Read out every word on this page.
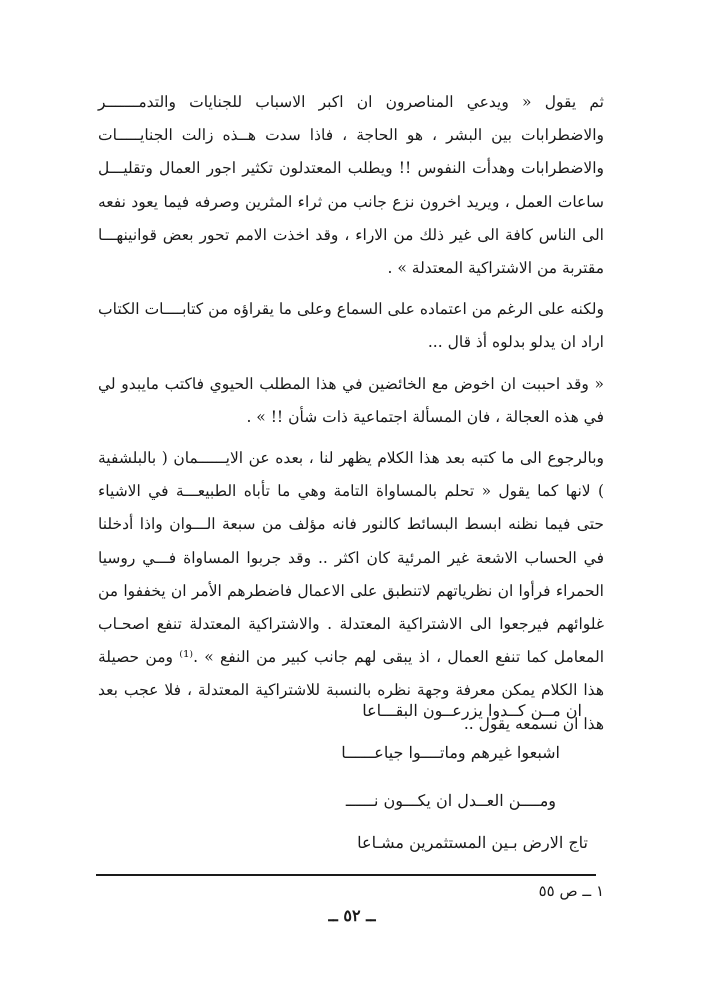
ثم يقول « ويدعي المناصرون ان اكبر الاسباب للجنايات والتدمـــــــر والاضطرابات بين البشر ، هو الحاجة ، فاذا سدت هــذه زالت الجنايـــــات والاضطرابات وهدأت النفوس !! ويطلب المعتدلون تكثير اجور العمال وتقليـــل ساعات العمل ، ويريد اخرون نزع جانب من ثراء المثرين وصرفه فيما يعود نفعه الى الناس كافة الى غير ذلك من الاراء ، وقد اخذت الامم تحور بعض قوانينهـــا مقتربة من الاشتراكية المعتدلة » .

ولكنه على الرغم من اعتماده على السماع وعلى ما يقراؤه من كتابــــات الكتاب اراد ان يدلو بدلوه أذ قال ...

« وقد احببت ان اخوض مع الخائضين في هذا المطلب الحيوي فاكتب مايبدو لي في هذه العجالة ، فان المسألة اجتماعية ذات شأن !! » .

وبالرجوع الى ما كتبه بعد هذا الكلام يظهر لنا ، بعده عن الايــــــمان ( بالبلشفية ) لانها كما يقول « تحلم بالمساواة التامة وهي ما تأباه الطبيعـــة في الاشياء حتى فيما نظنه ابسط البسائط كالنور فانه مؤلف من سبعة الـــوان واذا أدخلنا في الحساب الاشعة غير المرئية كان اكثر .. وقد جربوا المساواة فـــي روسيا الحمراء فرأوا ان نظرياتهم لاتنطبق على الاعمال فاضطرهم الأمر ان يخففوا من غلوائهم فيرجعوا الى الاشتراكية المعتدلة . والاشتراكية المعتدلة تنفع اصحـاب المعامل كما تنفع العمال ، اذ يبقى لهم جانب كبير من النفع » .⁽¹⁾ ومن حصيلة هذا الكلام يمكن معرفة وجهة نظره بالنسبة للاشتراكية المعتدلة ، فلا عجب بعد هذا ان نسمعه يقول ..

ان مــن كــدوا يزرعــون البقـــاعا
اشبعوا غيرهم وماتــــوا جياعــــــا
ومــــن العــدل ان يكـــون نــــــ
تاج الارض بـين المستثمرين مشـاعا
١ ــ ص ٥٥
ــ ٥٢ ــ
